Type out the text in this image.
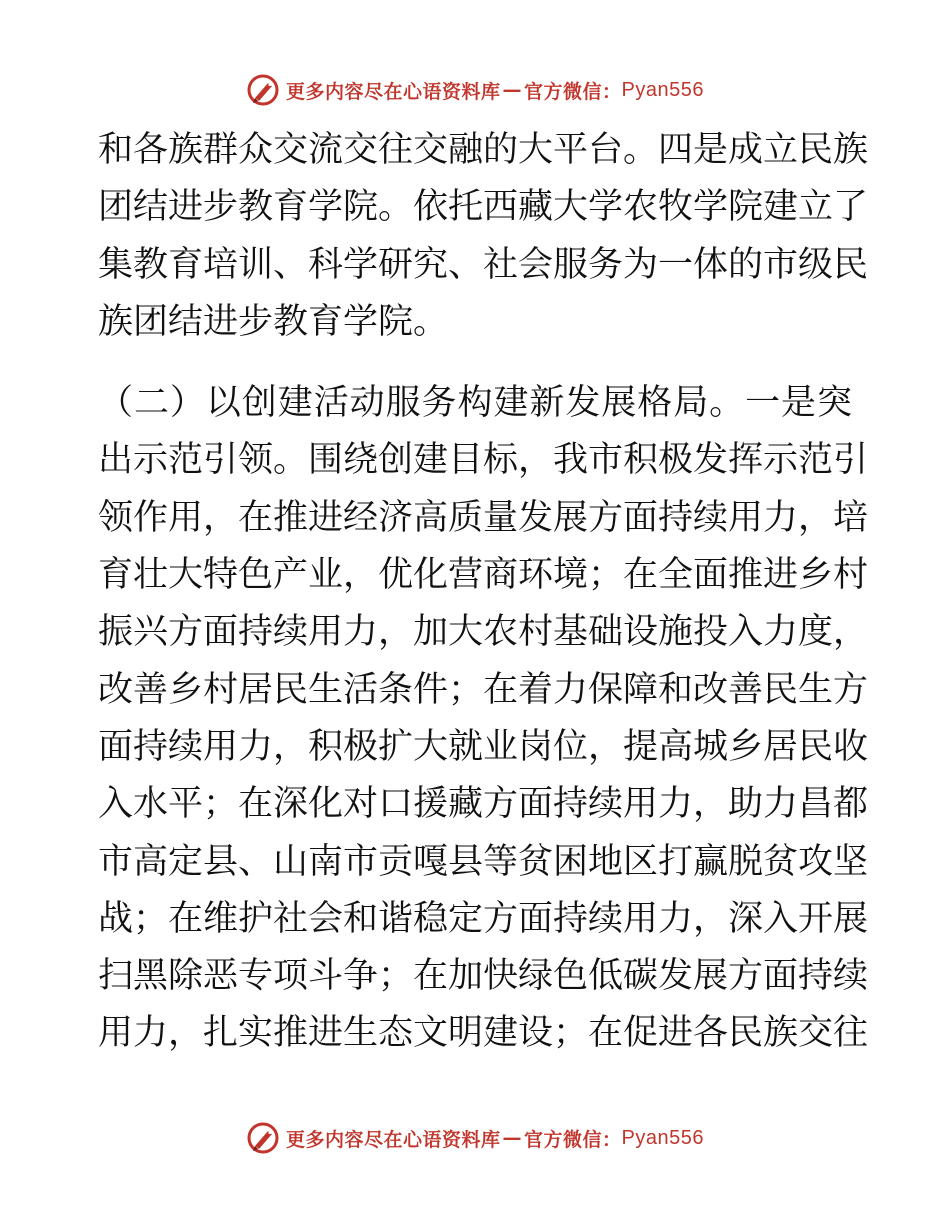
更多内容尽在心语资料库 — 官方微信： Pyan556
和各族群众交流交往交融的大平台。四是成立民族
团结进步教育学院。依托西藏大学农牧学院建立了
集教育培训、科学研究、社会服务为一体的市级民
族团结进步教育学院。
（二）以创建活动服务构建新发展格局。一是突
出示范引领。围绕创建目标，我市积极发挥示范引
领作用，在推进经济高质量发展方面持续用力，培
育壮大特色产业，优化营商环境；在全面推进乡村
振兴方面持续用力，加大农村基础设施投入力度，
改善乡村居民生活条件；在着力保障和改善民生方
面持续用力，积极扩大就业岗位，提高城乡居民收
入水平；在深化对口援藏方面持续用力，助力昌都
市高定县、山南市贡嘎县等贫困地区打赢脱贫攻坚
战；在维护社会和谐稳定方面持续用力，深入开展
扫黑除恶专项斗争；在加快绿色低碳发展方面持续
用力，扎实推进生态文明建设；在促进各民族交往
更多内容尽在心语资料库 — 官方微信： Pyan556
